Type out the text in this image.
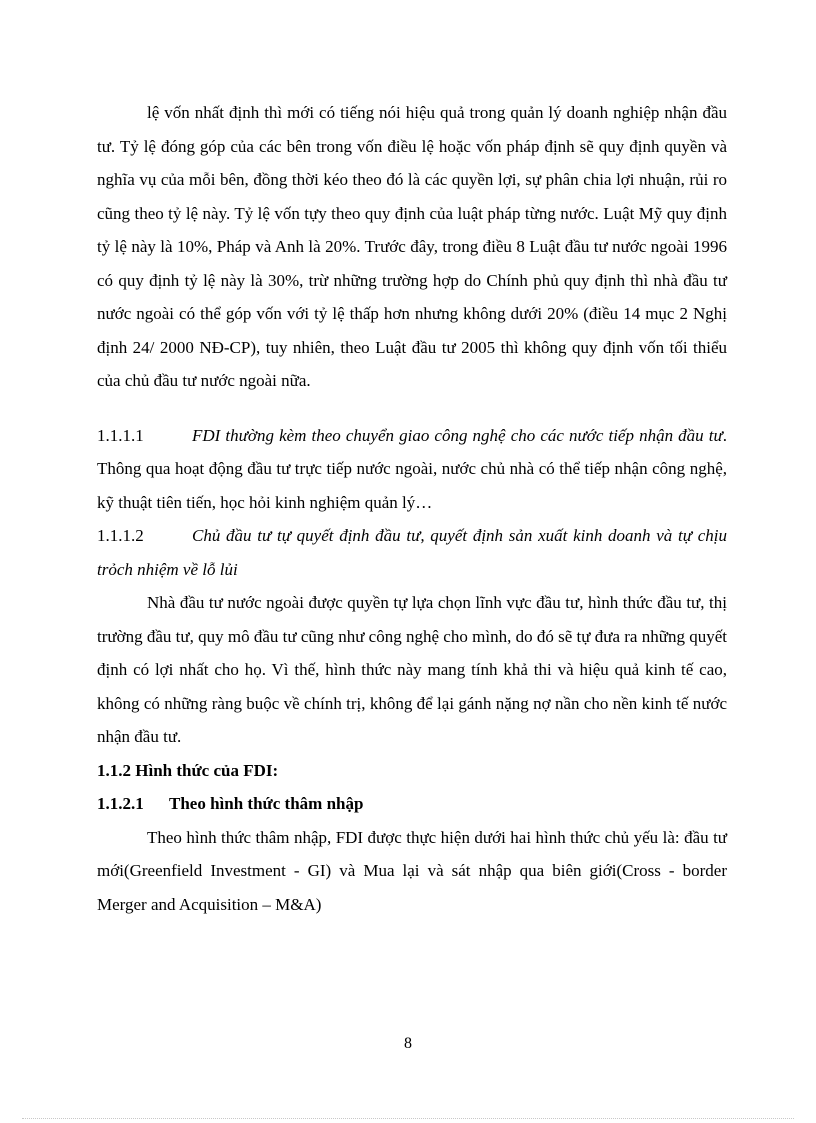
lệ vốn nhất định thì mới có tiếng nói hiệu quả trong quản lý doanh nghiệp nhận đầu tư. Tỷ lệ đóng góp của các bên trong vốn điều lệ hoặc vốn pháp định sẽ quy định quyền và nghĩa vụ của mỗi bên, đồng thời kéo theo đó là các quyền lợi, sự phân chia lợi nhuận, rủi ro cũng theo tỷ lệ này. Tỷ lệ vốn tựy theo quy định của luật pháp từng nước. Luật Mỹ quy định tỷ lệ này là 10%, Pháp và Anh là 20%. Trước đây, trong điều 8 Luật đầu tư nước ngoài 1996 có quy định tỷ lệ này là 30%, trừ những trường hợp do Chính phủ quy định thì nhà đầu tư nước ngoài có thể góp vốn với tỷ lệ thấp hơn nhưng không dưới 20% (điều 14 mục 2 Nghị định 24/ 2000 NĐ-CP), tuy nhiên, theo Luật đầu tư 2005 thì không quy định vốn tối thiểu của chủ đầu tư nước ngoài nữa.

1.1.1.1	FDI thường kèm theo chuyển giao công nghệ cho các nước tiếp nhận đầu tư. Thông qua hoạt động đầu tư trực tiếp nước ngoài, nước chủ nhà có thể tiếp nhận công nghệ, kỹ thuật tiên tiến, học hỏi kinh nghiệm quản lý…

1.1.1.2	Chủ đầu tư tự quyết định đầu tư, quyết định sản xuất kinh doanh và tự chịu trỏch nhiệm về lỗ lủi

Nhà đầu tư nước ngoài được quyền tự lựa chọn lĩnh vực đầu tư, hình thức đầu tư, thị trường đầu tư, quy mô đầu tư cũng như công nghệ cho mình, do đó sẽ tự đưa ra những quyết định có lợi nhất cho họ. Vì thế, hình thức này mang tính khả thi và hiệu quả kinh tế cao, không có những ràng buộc về chính trị, không để lại gánh nặng nợ nần cho nền kinh tế nước nhận đầu tư.

1.1.2 Hình thức của FDI:

1.1.2.1	Theo hình thức thâm nhập

Theo hình thức thâm nhập, FDI được thực hiện dưới hai hình thức chủ yếu là: đầu tư mới(Greenfield Investment - GI) và Mua lại và sát nhập qua biên giới(Cross - border Merger and Acquisition – M&A)

8
